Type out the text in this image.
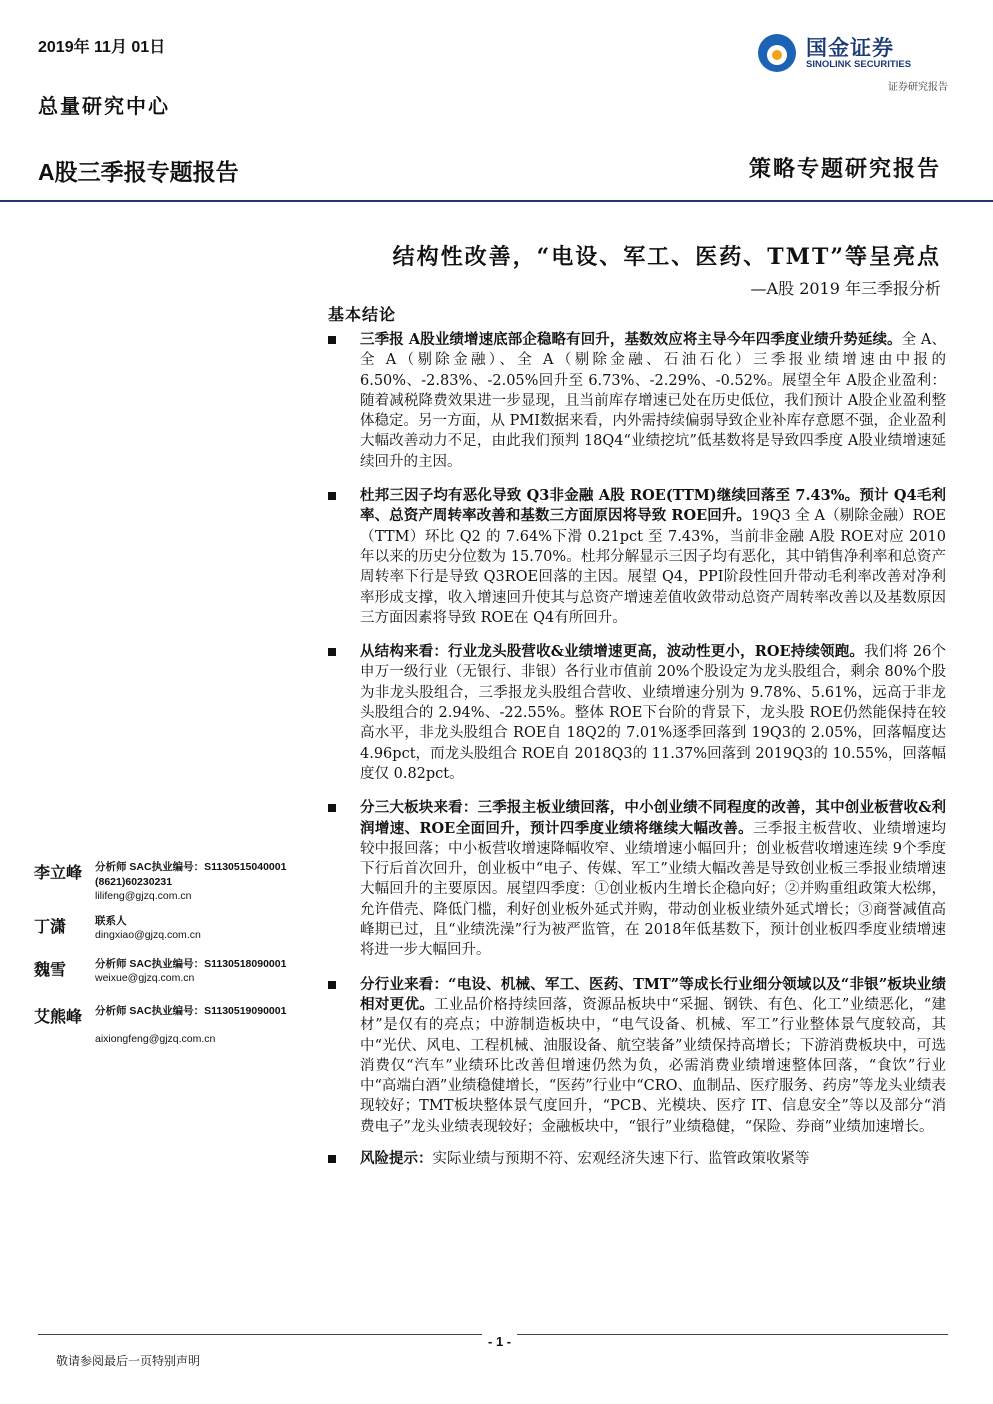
2019年 11月 01日
总量研究中心
A股三季报专题报告	策略专题研究报告
国金证券
SINOLINK SECURITIES
证券研究报告
结构性改善，“电设、军工、医药、TMT”等呈亮点
—A股 2019 年三季报分析
基本结论
三季报 A股业绩增速底部企稳略有回升，基数效应将主导今年四季度业绩升势延续。全 A、全 A（剔除金融）、全 A（剔除金融、石油石化）三季报业绩增速由中报的 6.50%、-2.83%、-2.05%回升至 6.73%、-2.29%、-0.52%。展望全年 A股企业盈利：随着减税降费效果进一步显现，且当前库存增速已处在历史低位，我们预计 A股企业盈利整体稳定。另一方面，从 PMI数据来看，内外需持续偏弱导致企业补库存意愿不强，企业盈利大幅改善动力不足，由此我们预判 18Q4“业绩挖坑”低基数将是导致四季度 A股业绩增速延续回升的主因。
杜邦三因子均有恶化导致 Q3非金融 A股 ROE(TTM)继续回落至 7.43%。预计 Q4毛利率、总资产周转率改善和基数三方面原因将导致 ROE回升。19Q3 全 A（剔除金融）ROE（TTM）环比 Q2 的 7.64%下滑 0.21pct 至 7.43%，当前非金融 A股 ROE对应 2010年以来的历史分位数为 15.70%。杜邦分解显示三因子均有恶化，其中销售净利率和总资产周转率下行是导致 Q3ROE回落的主因。展望 Q4，PPI阶段性回升带动毛利率改善对净利率形成支撑，收入增速回升使其与总资产增速差值收敛带动总资产周转率改善以及基数原因三方面因素将导致 ROE在 Q4有所回升。
从结构来看：行业龙头股营收&业绩增速更高，波动性更小，ROE持续领跑。我们将 26个申万一级行业（无银行、非银）各行业市值前 20%个股设定为龙头股组合，剩余 80%个股为非龙头股组合，三季报龙头股组合营收、业绩增速分别为 9.78%、5.61%，远高于非龙头股组合的 2.94%、-22.55%。整体 ROE下台阶的背景下，龙头股 ROE仍然能保持在较高水平，非龙头股组合 ROE自 18Q2的 7.01%逐季回落到 19Q3的 2.05%，回落幅度达 4.96pct，而龙头股组合 ROE自 2018Q3的 11.37%回落到 2019Q3的 10.55%，回落幅度仅 0.82pct。
分三大板块来看：三季报主板业绩回落，中小创业绩不同程度的改善，其中创业板营收&利润增速、ROE全面回升，预计四季度业绩将继续大幅改善。三季报主板营收、业绩增速均较中报回落；中小板营收增速降幅收窄、业绩增速小幅回升；创业板营收增速连续 9个季度下行后首次回升，创业板中“电子、传媒、军工”业绩大幅改善是导致创业板三季报业绩增速大幅回升的主要原因。展望四季度：①创业板内生增长企稳向好；②并购重组政策大松绑，允许借壳、降低门槛，利好创业板外延式并购，带动创业板业绩外延式增长；③商誉减值高峰期已过，且“业绩洗澡”行为被严监管，在 2018年低基数下，预计创业板四季度业绩增速将进一步大幅回升。
分行业来看：“电设、机械、军工、医药、TMT”等成长行业细分领域以及“非银”板块业绩相对更优。工业品价格持续回落，资源品板块中“采掘、钢铁、有色、化工”业绩恶化，“建材”是仅有的亮点；中游制造板块中，“电气设备、机械、军工”行业整体景气度较高，其中“光伏、风电、工程机械、油服设备、航空装备”业绩保持高增长；下游消费板块中，可选消费仅“汽车”业绩环比改善但增速仍然为负，必需消费业绩增速整体回落，“食饮”行业中“高端白酒”业绩稳健增长，“医药”行业中“CRO、血制品、医疗服务、药房”等龙头业绩表现较好；TMT板块整体景气度回升，“PCB、光模块、医疗 IT、信息安全”等以及部分“消费电子”龙头业绩表现较好；金融板块中，“银行”业绩稳健，“保险、券商”业绩加速增长。
风险提示：实际业绩与预期不符、宏观经济失速下行、监管政策收紧等
李立峰 分析师 SAC执业编号：S1130515040001
(8621)60230231
lilifeng@gjzq.com.cn
丁潇	联系人
dingxiao@gjzq.com.cn
魏雪	分析师 SAC执业编号：S1130518090001
weixue@gjzq.com.cn
艾熊峰 分析师 SAC执业编号：S1130519090001
aixiongfeng@gjzq.com.cn
- 1 -
敬请参阅最后一页特别声明
